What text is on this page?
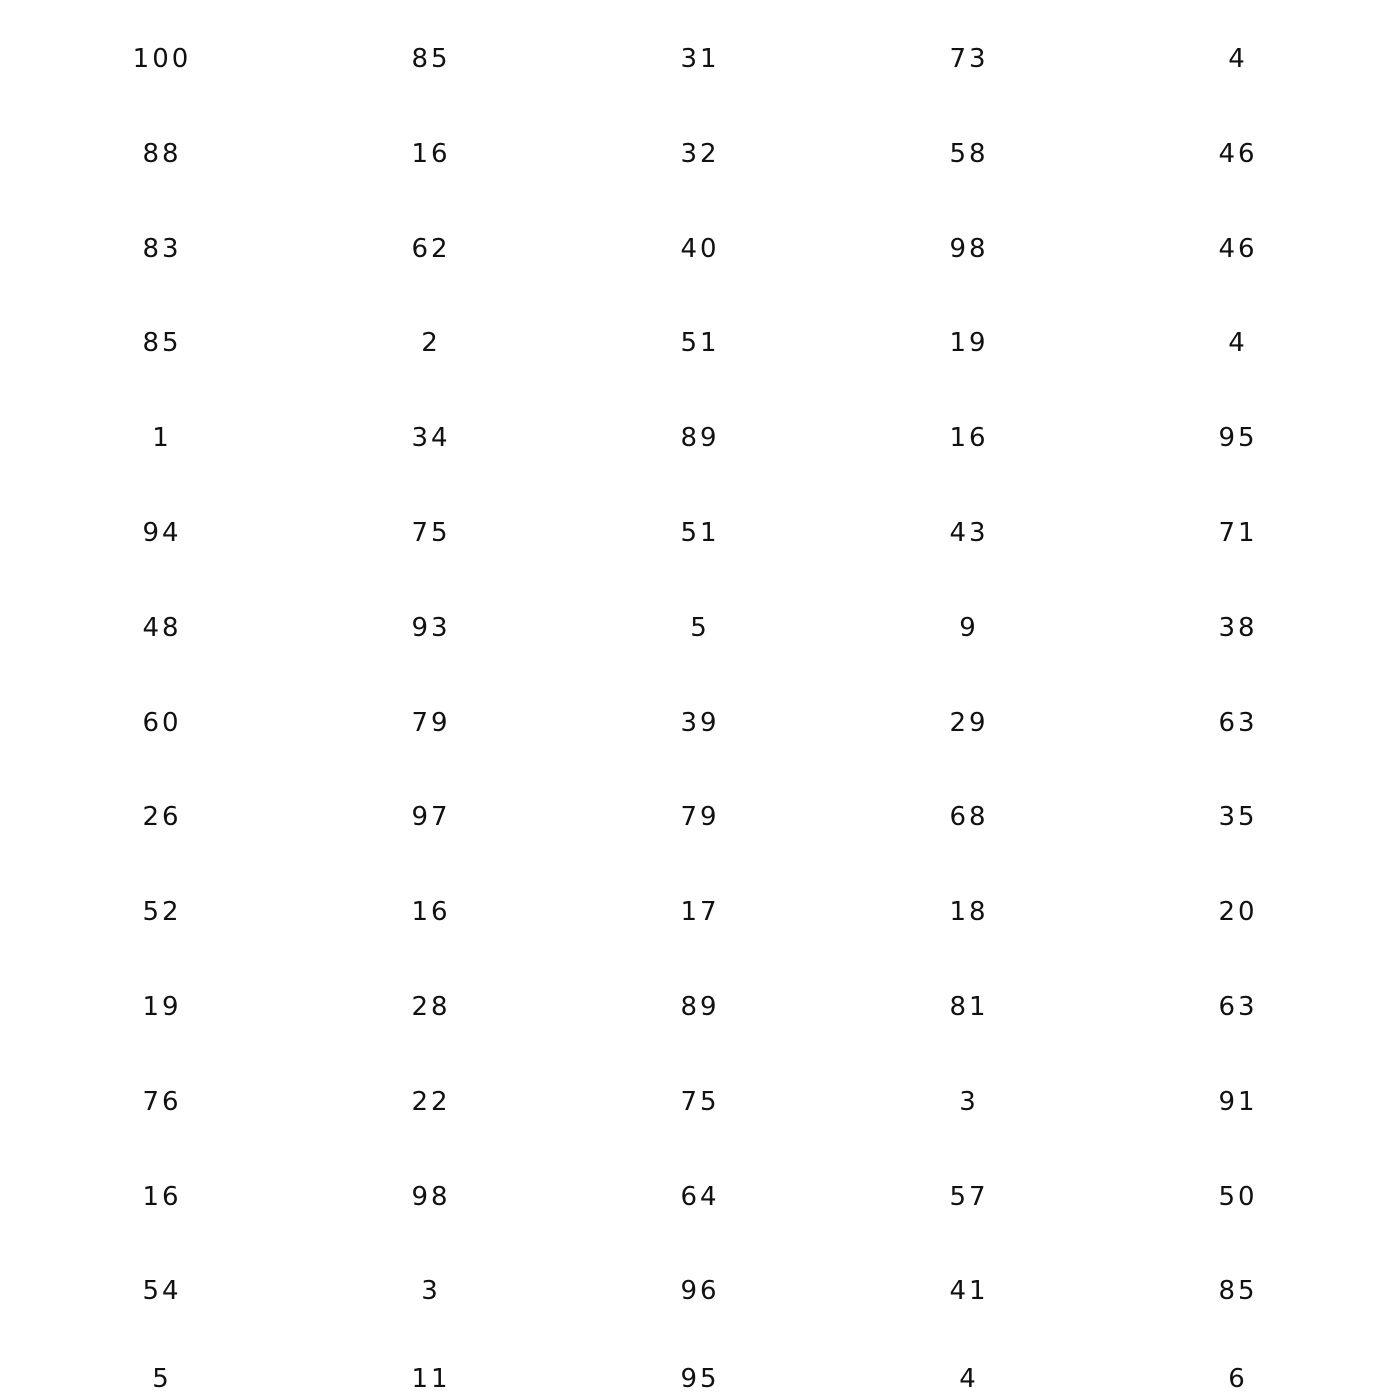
100	85	31	73	4
88	16	32	58	46
83	62	40	98	46
85	2	51	19	4
1	34	89	16	95
94	75	51	43	71
48	93	5	9	38
60	79	39	29	63
26	97	79	68	35
52	16	17	18	20
19	28	89	81	63
76	22	75	3	91
16	98	64	57	50
54	3	96	41	85
5	11	95	4	6
